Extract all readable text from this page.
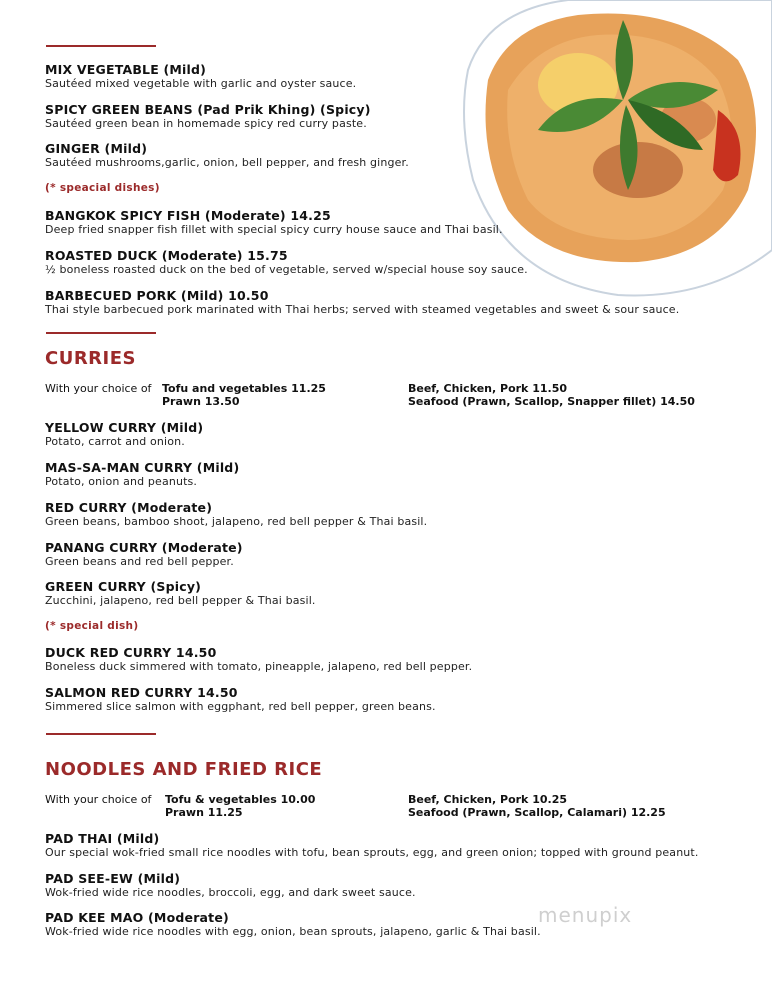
MIX VEGETABLE (Mild)
Sautéed mixed vegetable with garlic and oyster sauce.
SPICY GREEN BEANS (Pad Prik Khing) (Spicy)
Sautéed green bean in homemade spicy red curry paste.
GINGER (Mild)
Sautéed mushrooms,garlic, onion, bell pepper, and fresh ginger.
(* speacial dishes)
BANGKOK SPICY FISH (Moderate) 14.25
Deep fried snapper fish fillet with special spicy curry house sauce and Thai basil.
ROASTED DUCK (Moderate) 15.75
½ boneless roasted duck on the bed of vegetable, served w/special house soy sauce.
BARBECUED PORK (Mild) 10.50
Thai style barbecued pork marinated with Thai herbs; served with steamed vegetables and sweet & sour sauce.
CURRIES
With your choice of Tofu and vegetables 11.25
Prawn 13.50
Beef, Chicken, Pork 11.50
Seafood (Prawn, Scallop, Snapper fillet) 14.50
YELLOW CURRY (Mild)
Potato, carrot and onion.
MAS-SA-MAN CURRY (Mild)
Potato, onion and peanuts.
RED CURRY (Moderate)
Green beans, bamboo shoot, jalapeno, red bell pepper & Thai basil.
PANANG CURRY (Moderate)
Green beans and red bell pepper.
GREEN CURRY (Spicy)
Zucchini, jalapeno, red bell pepper & Thai basil.
(* special dish)
DUCK RED CURRY 14.50
Boneless duck simmered with tomato, pineapple, jalapeno, red bell pepper.
SALMON RED CURRY 14.50
Simmered slice salmon with eggphant, red bell pepper, green beans.
NOODLES AND FRIED RICE
With your choice of Tofu & vegetables 10.00
Prawn 11.25
Beef, Chicken, Pork 10.25
Seafood (Prawn, Scallop, Calamari) 12.25
PAD THAI (Mild)
Our special wok-fried small rice noodles with tofu, bean sprouts, egg, and green onion; topped with ground peanut.
PAD SEE-EW (Mild)
Wok-fried wide rice noodles, broccoli, egg, and dark sweet sauce.
PAD KEE MAO (Moderate)
Wok-fried wide rice noodles with egg, onion, bean sprouts, jalapeno, garlic & Thai basil.
menupix
